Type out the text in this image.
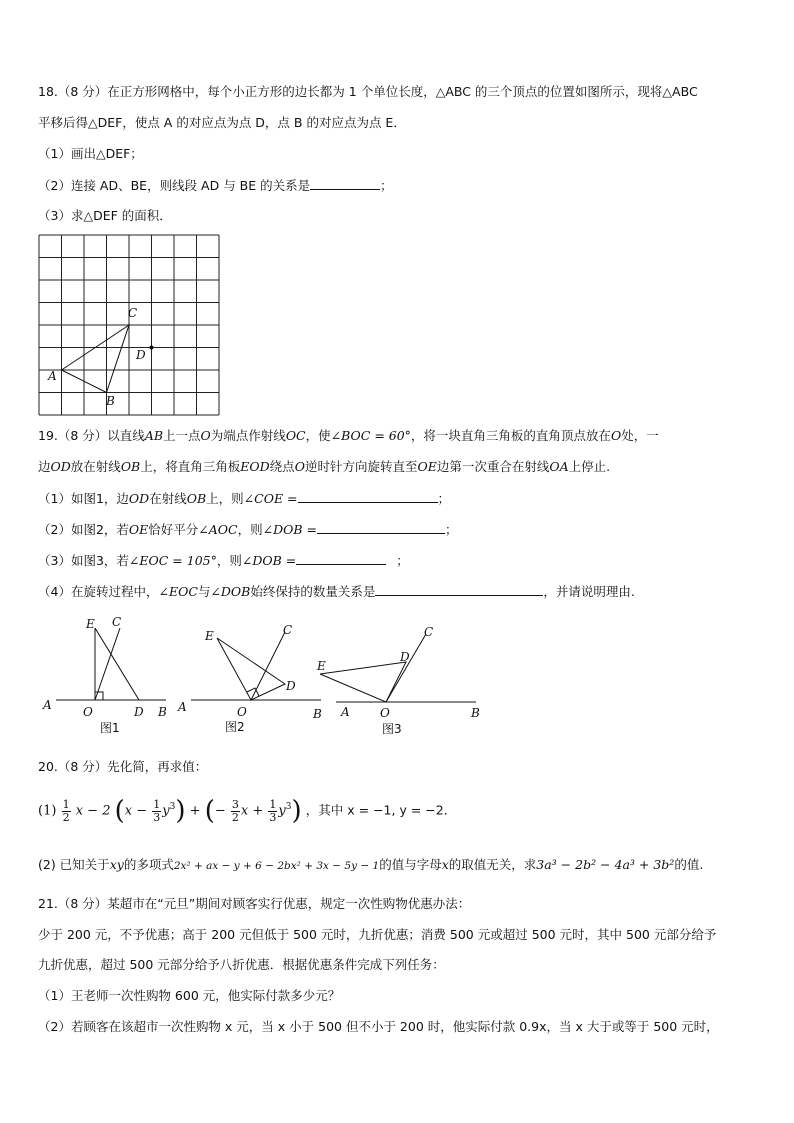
18.（8 分）在正方形网格中，每个小正方形的边长都为 1 个单位长度，△ABC 的三个顶点的位置如图所示，现将△ABC
平移后得△DEF，使点 A 的对应点为点 D，点 B 的对应点为点 E．
（1）画出△DEF；
（2）连接 AD、BE，则线段 AD 与 BE 的关系是	；
（3）求△DEF 的面积．
C
D
A
B
19.（8 分）以直线AB上一点O为端点作射线OC，使∠BOC = 60°，将一块直角三角板的直角顶点放在O处，一
边OD放在射线OB上，将直角三角板EOD绕点O逆时针方向旋转直至OE边第一次重合在射线OA上停止.
（1）如图1，边OD在射线OB上，则∠COE =	；
（2）如图2，若OE恰好平分∠AOC，则∠DOB =	；
（3）如图3，若∠EOC = 105°，则∠DOB =	；
（4）在旋转过程中，∠EOC与∠DOB始终保持的数量关系是	，并请说明理由.
E C
A	O	D B
图1
E	C
D
A	O	B
图2
E
D
C
A	O	B
图3
20.（8 分）先化简，再求值：
$(1) \frac{1}{2}$ x − 2 $(x - \frac{1}{3} y^3)$ + (− $\frac{3}{2}$ $x + \frac{1}{3} y^3$) ，其中 x = −1, y = −2．
(2) 已知关于xy的多项式2x² + ax − y + 6 − 2bx² + 3x − 5y − 1的值与字母x的取值无关，求3a³ − 2b² − 4a³ + 3b²的值.
21.（8 分）某超市在“元旦”期间对顾客实行优惠，规定一次性购物优惠办法：
少于 200 元，不予优惠；高于 200 元但低于 500 元时，九折优惠；消费 500 元或超过 500 元时，其中 500 元部分给予
九折优惠，超过 500 元部分给予八折优惠．根据优惠条件完成下列任务：
（1）王老师一次性购物 600 元，他实际付款多少元？
（2）若顾客在该超市一次性购物 x 元，当 x 小于 500 但不小于 200 时，他实际付款 0.9x，当 x 大于或等于 500 元时，
